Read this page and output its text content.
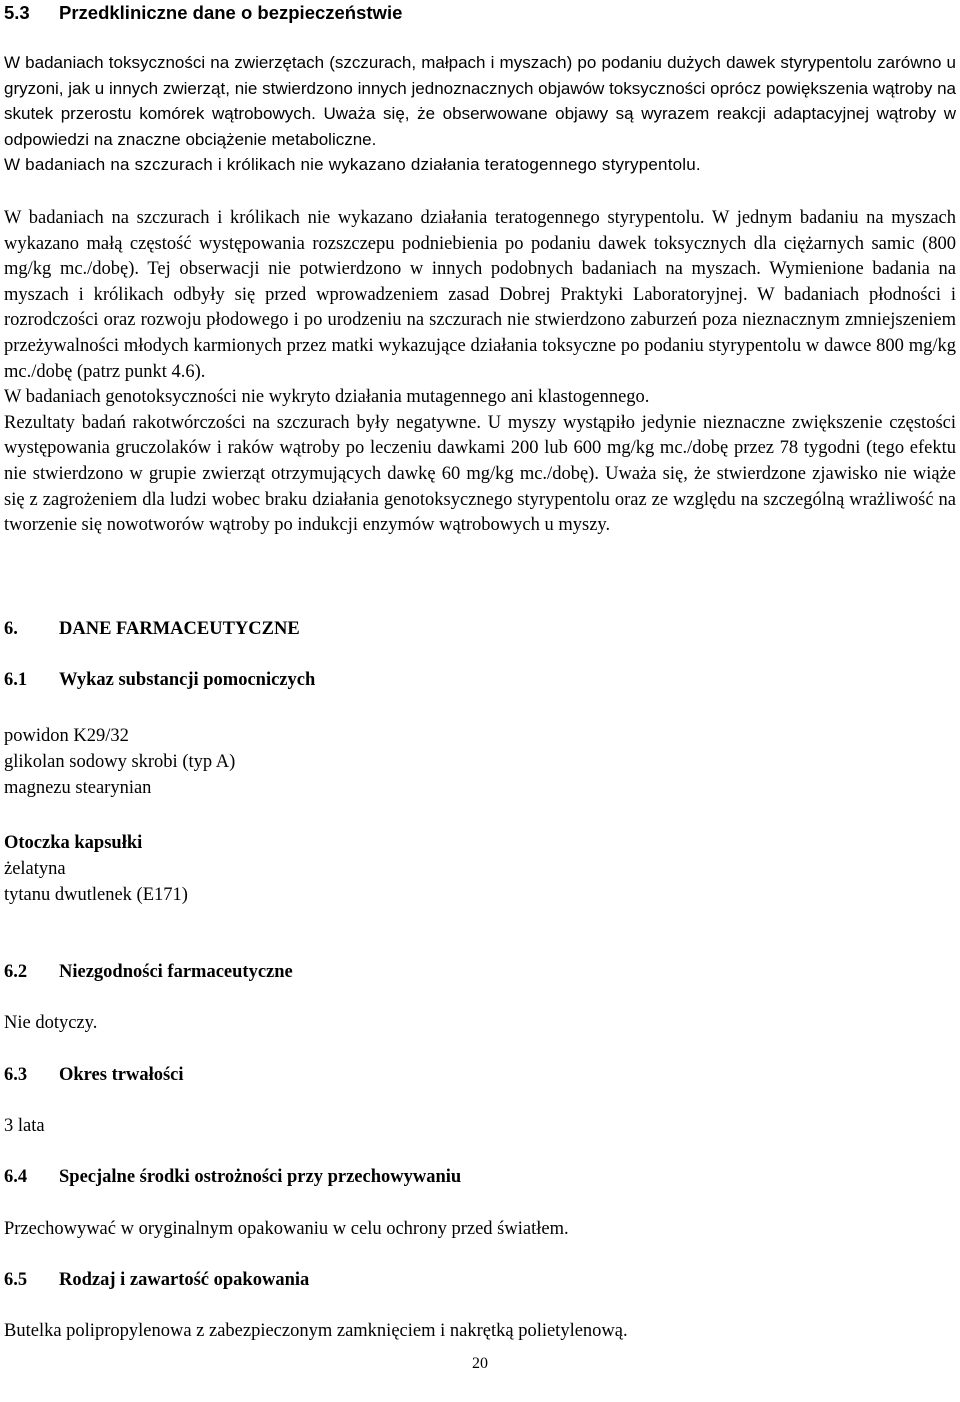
5.3	Przedkliniczne dane o bezpieczeństwie

W badaniach toksyczności na zwierzętach (szczurach, małpach i myszach) po podaniu dużych dawek styrypentolu zarówno u gryzoni, jak u innych zwierząt, nie stwierdzono innych jednoznacznych objawów toksyczności oprócz powiększenia wątroby na skutek przerostu komórek wątrobowych. Uważa się, że obserwowane objawy są wyrazem reakcji adaptacyjnej wątroby w odpowiedzi na znaczne obciążenie metaboliczne.

W badaniach na szczurach i królikach nie wykazano działania teratogennego styrypentolu.

W badaniach na szczurach i królikach nie wykazano działania teratogennego styrypentolu. W jednym badaniu na myszach wykazano małą częstość występowania rozszczepu podniebienia po podaniu dawek toksycznych dla ciężarnych samic (800 mg/kg mc./dobę). Tej obserwacji nie potwierdzono w innych podobnych badaniach na myszach. Wymienione badania na myszach i królikach odbyły się przed wprowadzeniem zasad Dobrej Praktyki Laboratoryjnej. W badaniach płodności i rozrodczości oraz rozwoju płodowego i po urodzeniu na szczurach nie stwierdzono zaburzeń poza nieznacznym zmniejszeniem przeżywalności młodych karmionych przez matki wykazujące działania toksyczne po podaniu styrypentolu w dawce 800 mg/kg mc./dobę (patrz punkt 4.6).

W badaniach genotoksyczności nie wykryto działania mutagennego ani klastogennego.

Rezultaty badań rakotwórczości na szczurach były negatywne. U myszy wystąpiło jedynie nieznaczne zwiększenie częstości występowania gruczolaków i raków wątroby po leczeniu dawkami 200 lub 600 mg/kg mc./dobę przez 78 tygodni (tego efektu nie stwierdzono w grupie zwierząt otrzymujących dawkę 60 mg/kg mc./dobę). Uważa się, że stwierdzone zjawisko nie wiąże się z zagrożeniem dla ludzi wobec braku działania genotoksycznego styrypentolu oraz ze względu na szczególną wrażliwość na tworzenie się nowotworów wątroby po indukcji enzymów wątrobowych u myszy.

6.	DANE FARMACEUTYCZNE
6.1	Wykaz substancji pomocniczych
powidon K29/32
glikolan sodowy skrobi (typ A)
magnezu stearynian
Otoczka kapsułki
żelatyna
tytanu dwutlenek (E171)
6.2	Niezgodności farmaceutyczne
Nie dotyczy.
6.3	Okres trwałości
3 lata
6.4	Specjalne środki ostrożności przy przechowywaniu
Przechowywać w oryginalnym opakowaniu w celu ochrony przed światłem.
6.5	Rodzaj i zawartość opakowania
Butelka polipropylenowa z zabezpieczonym zamknięciem i nakrętką polietylenową.
20
